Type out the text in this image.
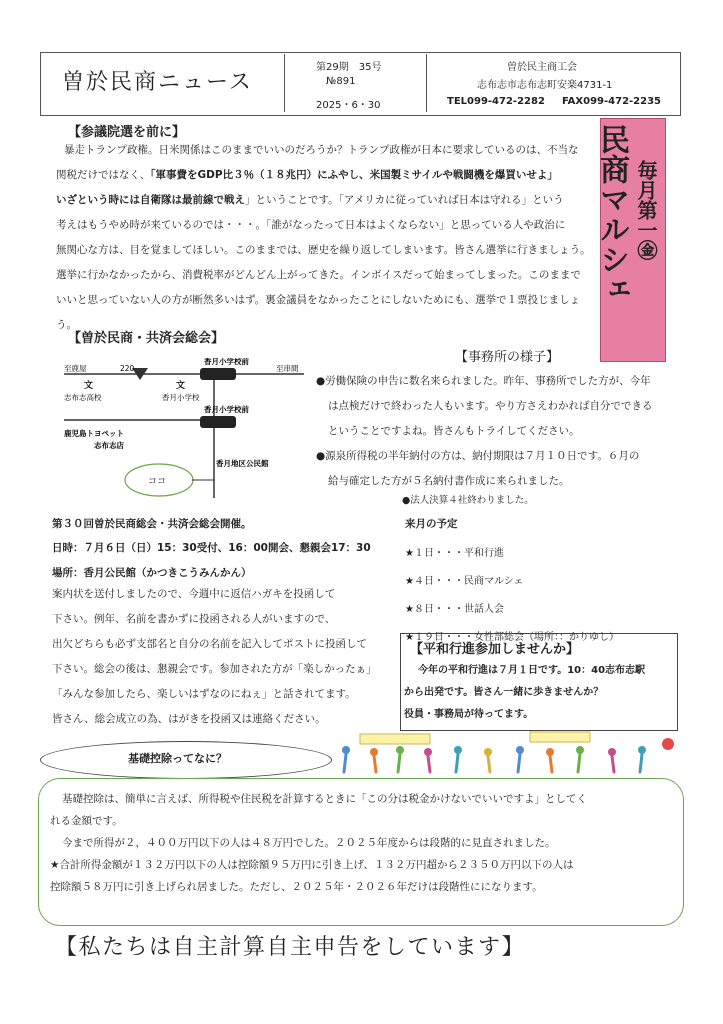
曽於民商ニュース
第29期　35号
№891
2025・6・30
曽於民主商工会
志布志市志布志町安楽4731-1
TEL099-472-2282 FAX099-472-2235
民商マルシェ 毎月第一㊎
【参議院選を前に】
暴走トランプ政権。日米関係はこのままでいいのだろうか？トランプ政権が日本に要求しているのは、不当な
関税だけではなく、「軍事費をGDP比３％（１８兆円）にふやし、米国製ミサイルや戦闘機を爆買いせよ」
いざという時には自衛隊は最前線で戦え」ということです。「アメリカに従っていれば日本は守れる」という
考えはもうやめ時が来ているのでは・・・。「誰がなったって日本はよくならない」と思っている人や政治に
無関心な方は、目を覚ましてほしい。このままでは、歴史を繰り返してしまいます。皆さん選挙に行きましょう。
選挙に行かなかったから、消費税率がどんどん上がってきた。インボイスだって始まってしまった。このままで
いいと思っていない人の方が断然多いはず。裏金議員をなかったことにしないためにも、選挙で１票投じましょ
う。
【曽於民商・共済会総会】
香月小学校前
至鹿屋	220	至串間
文
志布志高校
文
香月小学校
香月小学校前
鹿児島トヨペット
志布志店
ココ
香月地区公民館
第３０回曽於民商総会・共済会総会開催。
日時：７月６日（日）15：30受付、16：00開会、懇親会17：30
場所：香月公民館（かつきこうみんかん）
案内状を送付しましたので、今週中に返信ハガキを投函して
下さい。例年、名前を書かずに投函される人がいますので、
出欠どちらも必ず支部名と自分の名前を記入してポストに投函して
下さい。総会の後は、懇親会です。参加された方が「楽しかったぁ」
「みんな参加したら、楽しいはずなのにねぇ」と話されてます。
皆さん、総会成立の為、はがきを投函又は連絡ください。
【事務所の様子】
●労働保険の申告に数名来られました。昨年、事務所でした方が、今年
は点検だけで終わった人もいます。やり方さえわかれば自分でできる
ということですよね。皆さんもトライしてください。
●源泉所得税の半年納付の方は、納付期限は７月１０日です。６月の
給与確定した方が５名納付書作成に来られました。
●法人決算４社終わりました。
来月の予定
★１日・・・平和行進
★４日・・・民商マルシェ
★８日・・・世話人会
★１９日・・・女性部総会（場所：：かりゆし）
【平和行進参加しませんか】
今年の平和行進は７月１日です。10：40志布志駅
から出発です。皆さん一緒に歩きませんか？
役員・事務局が待ってます。
基礎控除ってなに？
基礎控除は、簡単に言えば、所得税や住民税を計算するときに「この分は税金かけないでいいですよ」としてく
れる金額です。
今まで所得が２，４００万円以下の人は４８万円でした。２０２５年度からは段階的に見直されました。
★合計所得金額が１３２万円以下の人は控除額９５万円に引き上げ、１３２万円超から２３５０万円以下の人は
控除額５８万円に引き上げられ居ました。ただし、２０２５年・２０２６年だけは段階性にになります。
【私たちは自主計算自主申告をしています】
